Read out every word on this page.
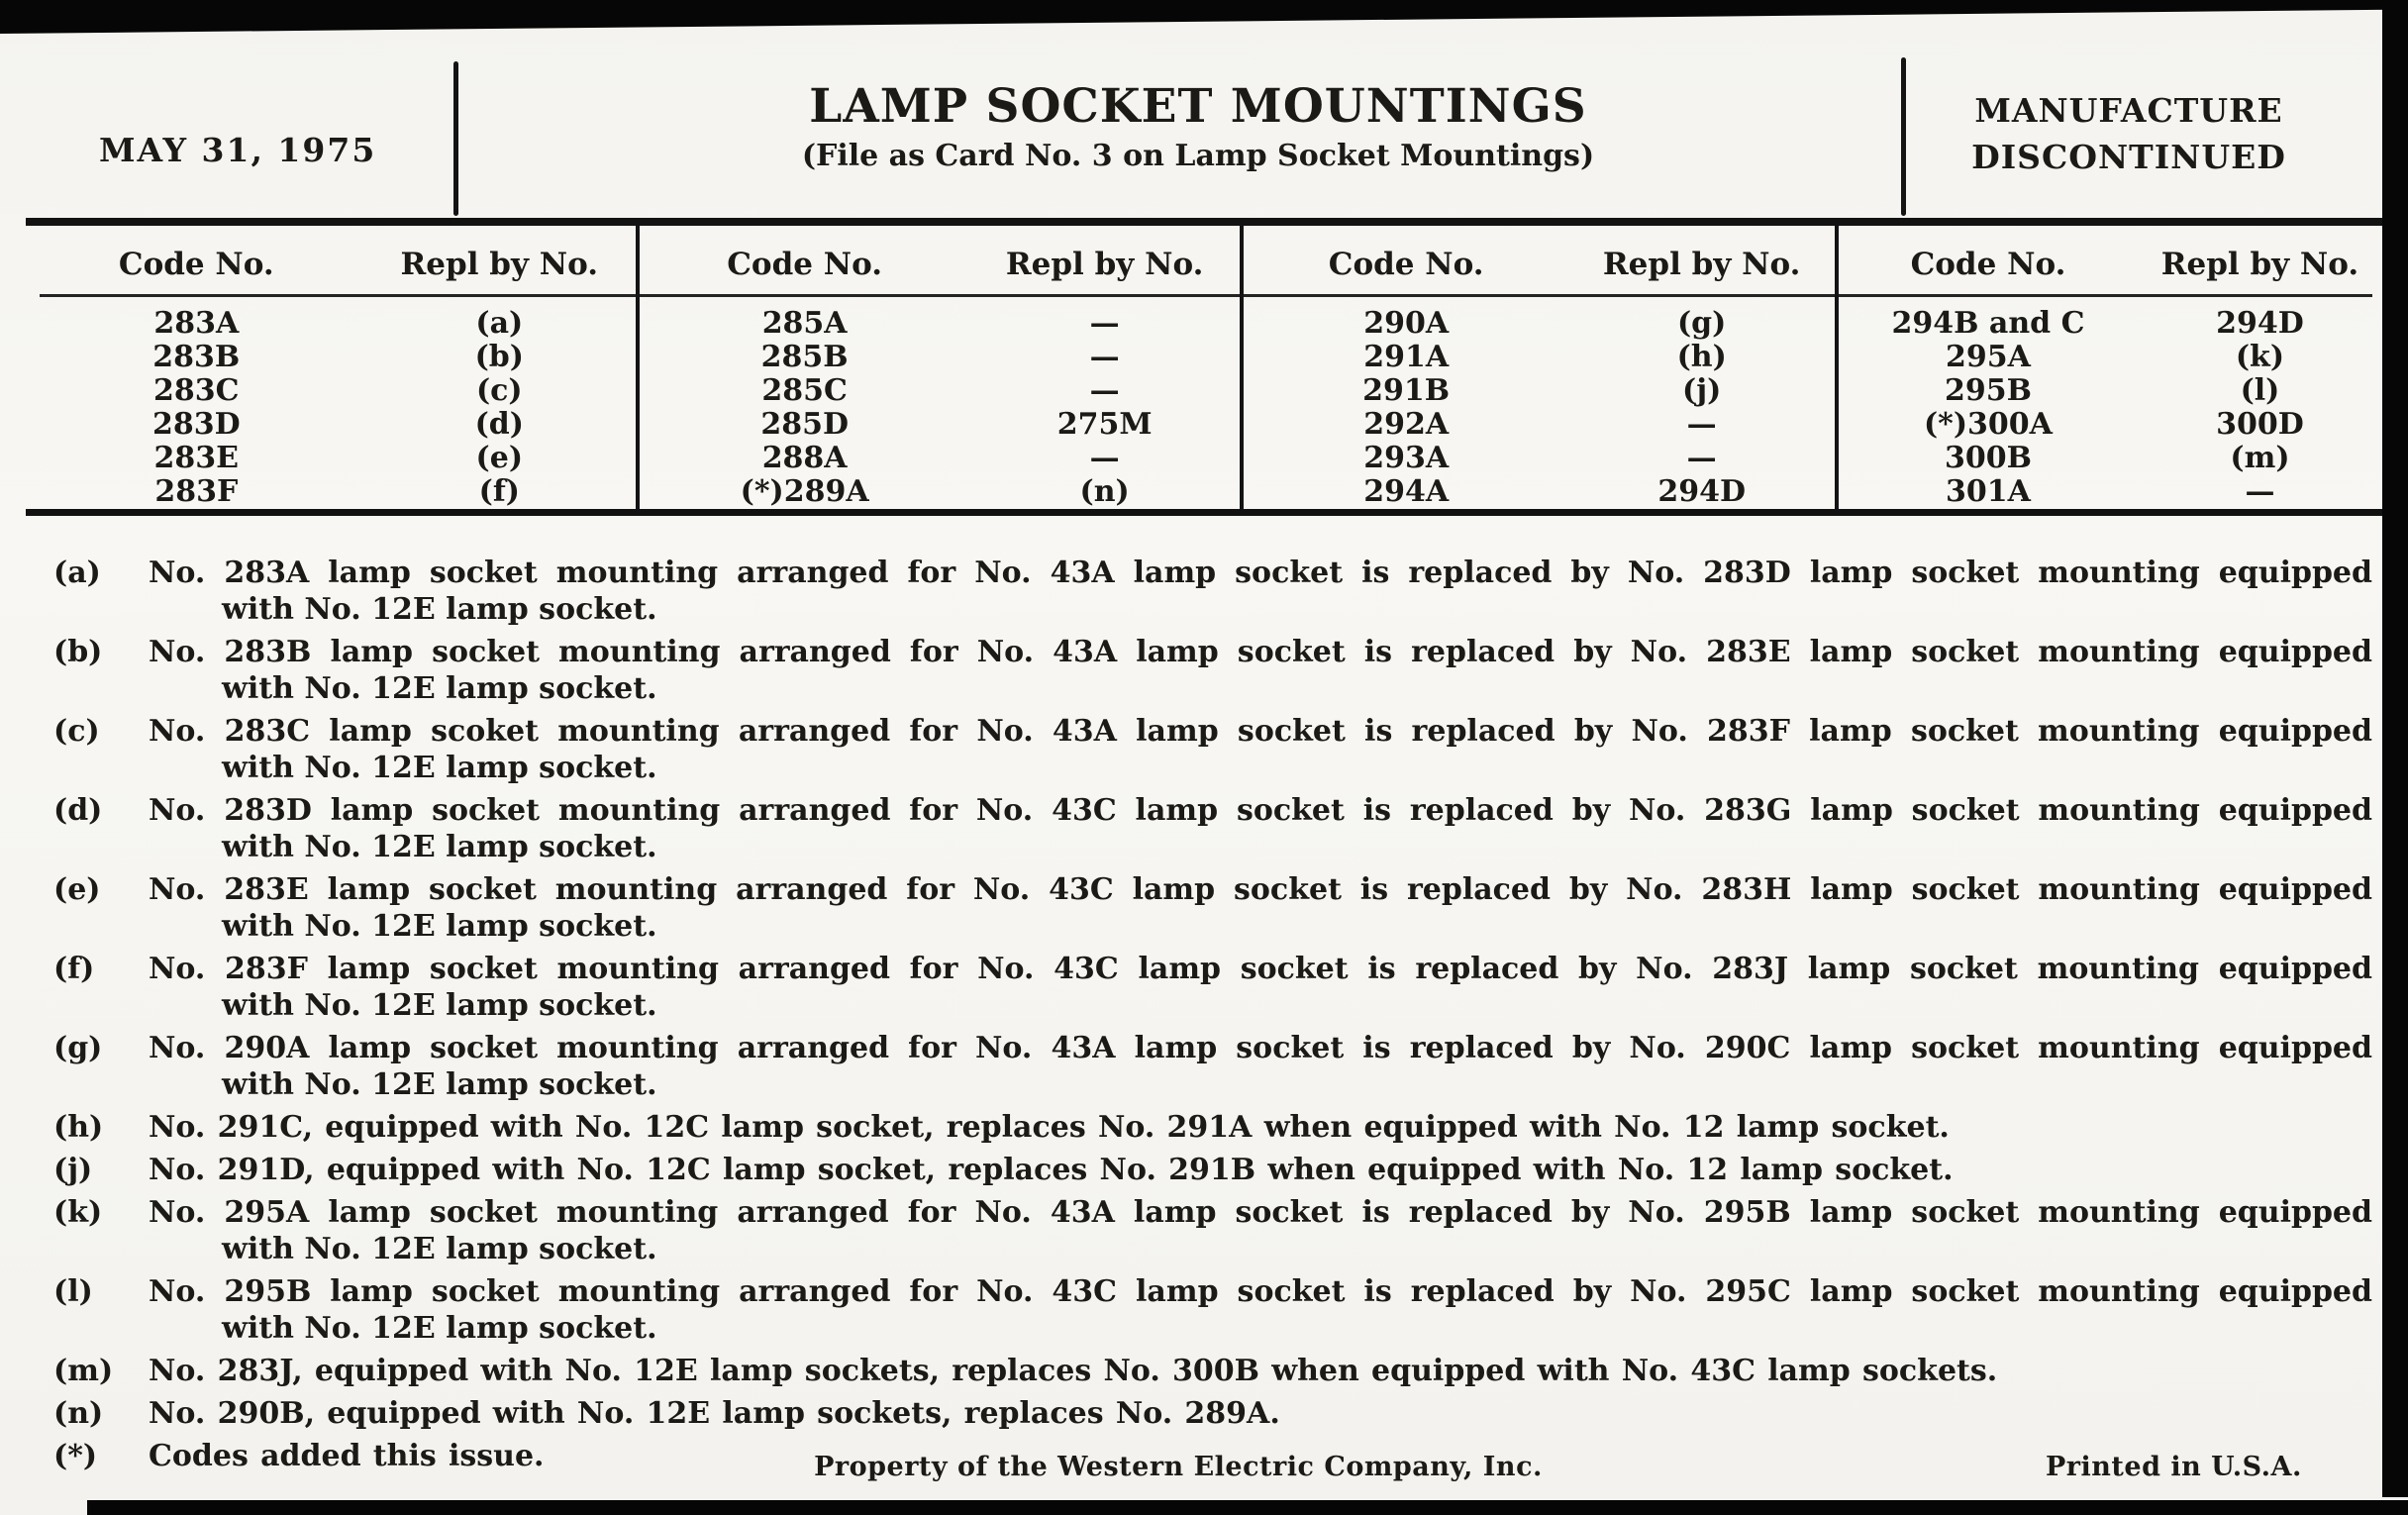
MAY 31, 1975
LAMP SOCKET MOUNTINGS
(File as Card No. 3 on Lamp Socket Mountings)
MANUFACTURE
DISCONTINUED
Code No.	Repl by No.
283A	(a)
283B	(b)
283C	(c)
283D	(d)
283E	(e)
283F	(f)
Code No.	Repl by No.
285A	—
285B	—
285C	—
285D	275M
288A	—
(*)289A	(n)
Code No.	Repl by No.
290A	(g)
291A	(h)
291B	(j)
292A	—
293A	—
294A	294D
Code No.	Repl by No.
294B and C	294D
295A	(k)
295B	(l)
(*)300A	300D
300B	(m)
301A	—
(a)	No. 283A lamp socket mounting arranged for No. 43A lamp socket is replaced by No. 283D lamp socket mounting equipped
with No. 12E lamp socket.
(b)	No. 283B lamp socket mounting arranged for No. 43A lamp socket is replaced by No. 283E lamp socket mounting equipped
with No. 12E lamp socket.
(c)	No. 283C lamp scoket mounting arranged for No. 43A lamp socket is replaced by No. 283F lamp socket mounting equipped
with No. 12E lamp socket.
(d)	No. 283D lamp socket mounting arranged for No. 43C lamp socket is replaced by No. 283G lamp socket mounting equipped
with No. 12E lamp socket.
(e)	No. 283E lamp socket mounting arranged for No. 43C lamp socket is replaced by No. 283H lamp socket mounting equipped
with No. 12E lamp socket.
(f)	No. 283F lamp socket mounting arranged for No. 43C lamp socket is replaced by No. 283J lamp socket mounting equipped
with No. 12E lamp socket.
(g)	No. 290A lamp socket mounting arranged for No. 43A lamp socket is replaced by No. 290C lamp socket mounting equipped
with No. 12E lamp socket.
(h)	No. 291C, equipped with No. 12C lamp socket, replaces No. 291A when equipped with No. 12 lamp socket.
(j)	No. 291D, equipped with No. 12C lamp socket, replaces No. 291B when equipped with No. 12 lamp socket.
(k)	No. 295A lamp socket mounting arranged for No. 43A lamp socket is replaced by No. 295B lamp socket mounting equipped
with No. 12E lamp socket.
(l)	No. 295B lamp socket mounting arranged for No. 43C lamp socket is replaced by No. 295C lamp socket mounting equipped
with No. 12E lamp socket.
(m)	No. 283J, equipped with No. 12E lamp sockets, replaces No. 300B when equipped with No. 43C lamp sockets.
(n)	No. 290B, equipped with No. 12E lamp sockets, replaces No. 289A.
(*)	Codes added this issue.	Property of the Western Electric Company, Inc.	Printed in U.S.A.
